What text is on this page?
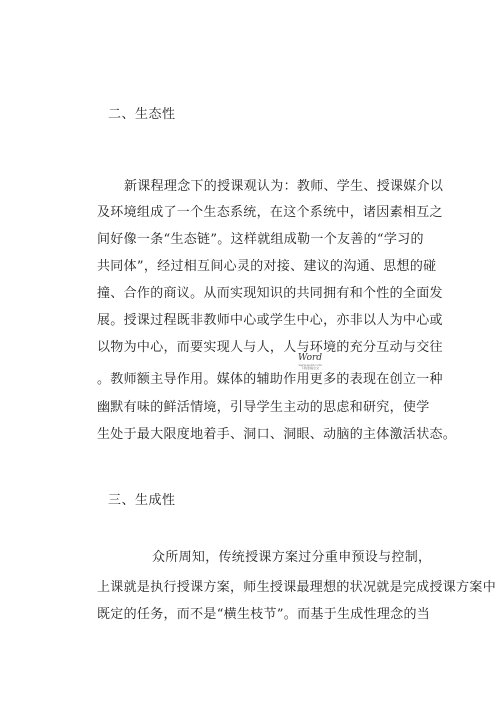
二、生态性
新课程理念下的授课观认为：教师、学生、授课媒介以
及环境组成了一个生态系统，在这个系统中，诸因素相互之
间好像一条“生态链”。这样就组成勒一个友善的“学习的
共同体”，经过相互间心灵的对接、建议的沟通、思想的碰
撞、合作的商议。从而实现知识的共同拥有和个性的全面发
展。授课过程既非教师中心或学生中心，亦非以人为中心或
以物为中心，而要实现人与人，人与环境的充分互动与交往
。教师额主导作用。媒体的辅助作用更多的表现在创立一种
幽默有味的鲜活情境，引导学生主动的思虑和研究，使学
生处于最大限度地着手、洞口、洞眼、动脑的主体激活状态。
三、生成性
众所周知，传统授课方案过分重申预设与控制，
上课就是执行授课方案，师生授课最理想的状况就是完成授课方案中
既定的任务，而不是“横生枝节”。而基于生成性理念的当
Word
www.word.com
下载原稿全文
